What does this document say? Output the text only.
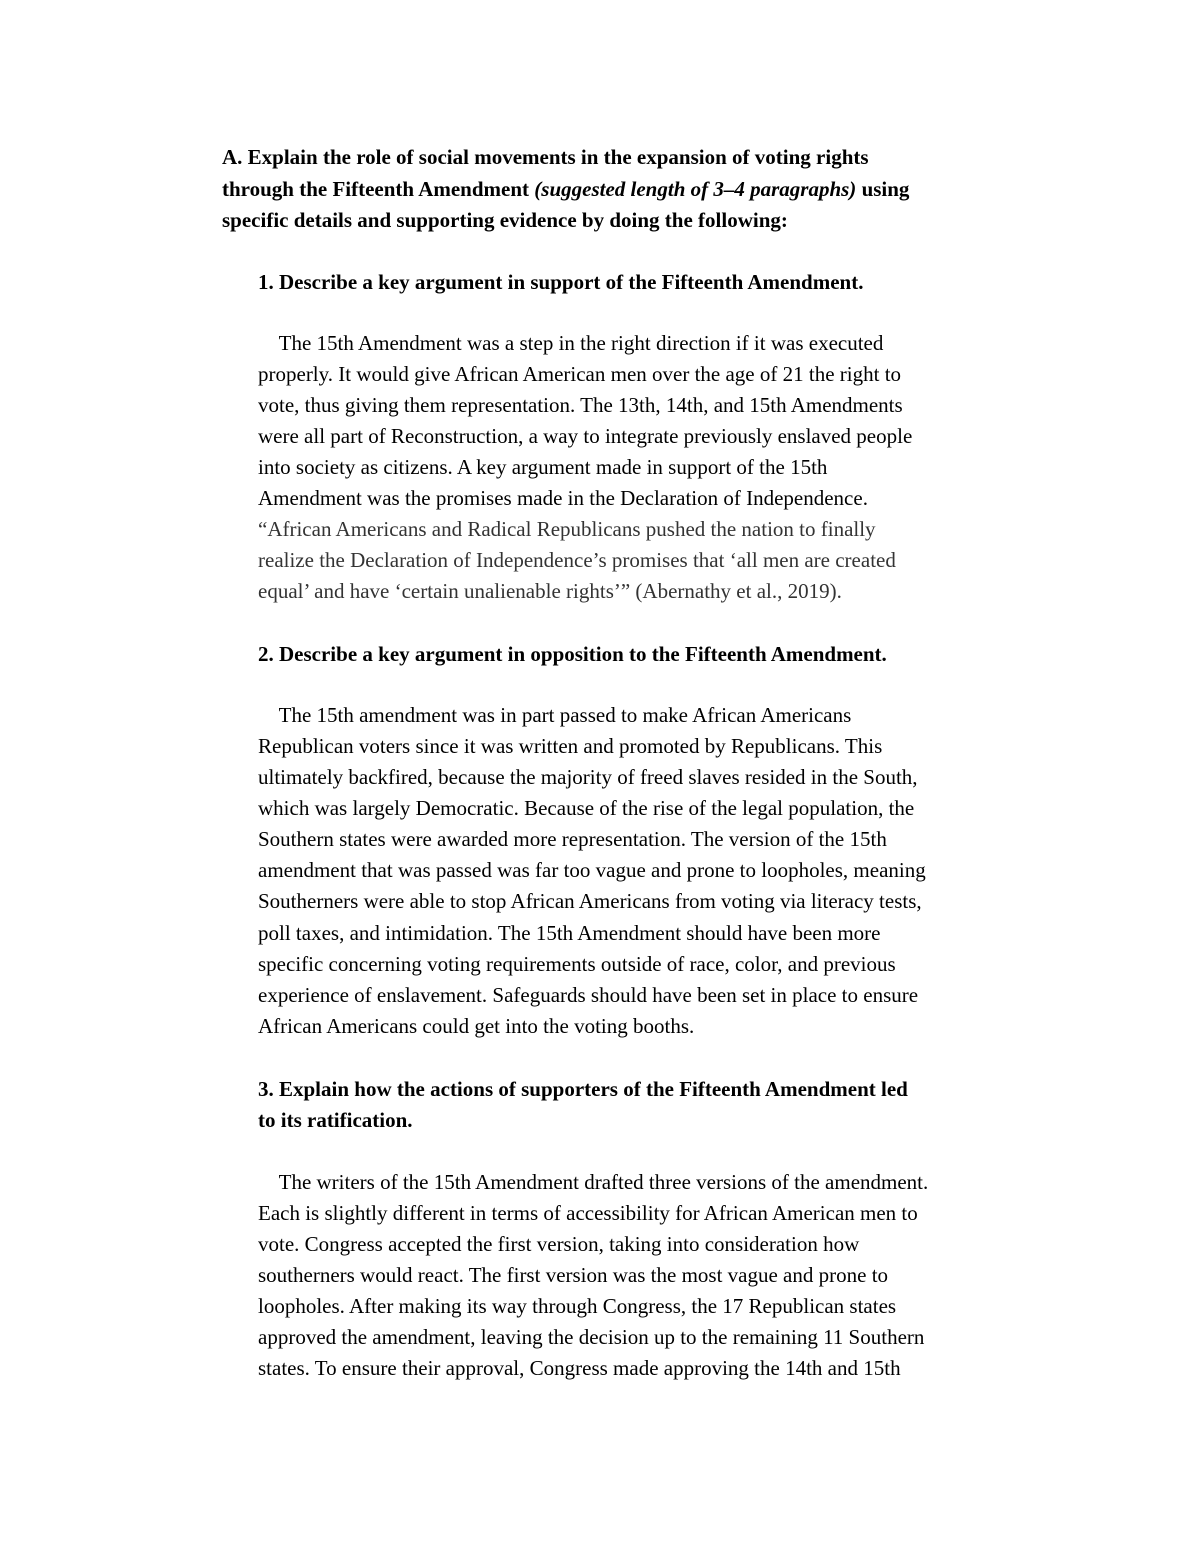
A. Explain the role of social movements in the expansion of voting rights
through the Fifteenth Amendment (suggested length of 3–4 paragraphs) using
specific details and supporting evidence by doing the following:
1. Describe a key argument in support of the Fifteenth Amendment.
The 15th Amendment was a step in the right direction if it was executed
properly. It would give African American men over the age of 21 the right to
vote, thus giving them representation. The 13th, 14th, and 15th Amendments
were all part of Reconstruction, a way to integrate previously enslaved people
into society as citizens. A key argument made in support of the 15th
Amendment was the promises made in the Declaration of Independence.
“African Americans and Radical Republicans pushed the nation to finally
realize the Declaration of Independence’s promises that ‘all men are created
equal’ and have ‘certain unalienable rights’” (Abernathy et al., 2019).
2. Describe a key argument in opposition to the Fifteenth Amendment.
The 15th amendment was in part passed to make African Americans
Republican voters since it was written and promoted by Republicans. This
ultimately backfired, because the majority of freed slaves resided in the South,
which was largely Democratic. Because of the rise of the legal population, the
Southern states were awarded more representation. The version of the 15th
amendment that was passed was far too vague and prone to loopholes, meaning
Southerners were able to stop African Americans from voting via literacy tests,
poll taxes, and intimidation. The 15th Amendment should have been more
specific concerning voting requirements outside of race, color, and previous
experience of enslavement. Safeguards should have been set in place to ensure
African Americans could get into the voting booths.
3. Explain how the actions of supporters of the Fifteenth Amendment led
to its ratification.
The writers of the 15th Amendment drafted three versions of the amendment.
Each is slightly different in terms of accessibility for African American men to
vote. Congress accepted the first version, taking into consideration how
southerners would react. The first version was the most vague and prone to
loopholes. After making its way through Congress, the 17 Republican states
approved the amendment, leaving the decision up to the remaining 11 Southern
states. To ensure their approval, Congress made approving the 14th and 15th
